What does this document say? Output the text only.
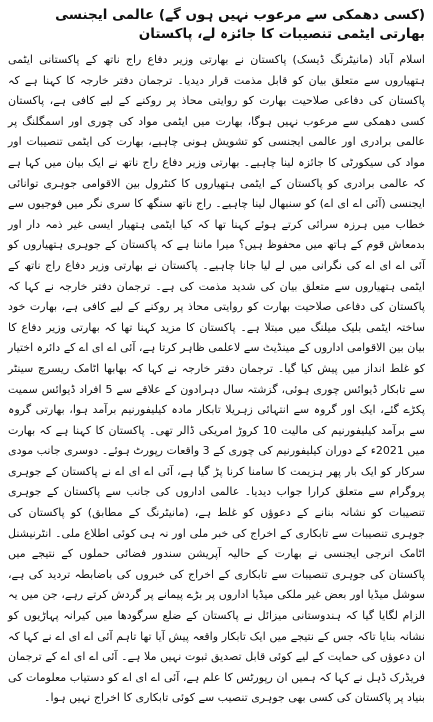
(کسی دھمکی سے مرعوب نہیں ہوں گے) عالمی ایجنسی بھارتی ایٹمی تنصیبات کا جائزہ لے، پاکستان

اسلام آباد (مانیٹرنگ ڈیسک) پاکستان نے بھارتی وزیر دفاع راج ناتھ کے پاکستانی ایٹمی ہتھیاروں سے متعلق بیان کو قابل مذمت قرار دیدیا۔ ترجمان دفتر خارجہ کا کہنا ہے کہ پاکستان کی دفاعی صلاحیت بھارت کو روایتی محاذ پر روکنے کے لیے کافی ہے، پاکستان کسی دھمکی سے مرعوب نہیں ہوگا، بھارت میں ایٹمی مواد کی چوری اور اسمگلنگ پر عالمی برادری اور عالمی ایجنسی کو تشویش ہونی چاہیے، بھارت کی ایٹمی تنصیبات اور مواد کی سیکورٹی کا جائزہ لینا چاہیے۔ بھارتی وزیر دفاع راج ناتھ نے ایک بیان میں کہا ہے کہ عالمی برادری کو پاکستان کے ایٹمی ہتھیاروں کا کنٹرول بین الاقوامی جوہری توانائی ایجنسی (آئی اے ای اے) کو سنبھال لینا چاہیے۔ راج ناتھ سنگھ کا سری نگر میں فوجیوں سے خطاب میں ہرزہ سرائی کرتے ہوئے کہنا تھا کہ کیا ایٹمی ہتھیار ایسی غیر ذمہ دار اور بدمعاش قوم کے ہاتھ میں محفوظ ہیں؟ میرا ماننا ہے کہ پاکستان کے جوہری ہتھیاروں کو آئی اے ای اے کی نگرانی میں لے لیا جانا چاہیے۔ پاکستان نے بھارتی وزیر دفاع راج ناتھ کے ایٹمی ہتھیاروں سے متعلق بیان کی شدید مذمت کی ہے۔ ترجمان دفتر خارجہ نے کہا کہ پاکستان کی دفاعی صلاحیت بھارت کو روایتی محاذ پر روکنے کے لیے کافی ہے، بھارت خود ساختہ ایٹمی بلیک میلنگ میں مبتلا ہے۔ پاکستان کا مزید کہنا تھا کہ بھارتی وزیر دفاع کا بیان بین الاقوامی اداروں کے مینڈیٹ سے لاعلمی ظاہر کرتا ہے، آئی اے ای اے کے دائرہ اختیار کو غلط انداز میں پیش کیا گیا۔ ترجمان دفتر خارجہ نے کہا کہ بھابھا اٹامک ریسرچ سینٹر سے تابکار ڈیوائس چوری ہوئی، گزشتہ سال دہرادون کے علاقے سے 5 افراد ڈیوائس سمیت پکڑے گئے، ایک اور گروہ سے انتہائی زہریلا تابکار مادہ کیلیفورنیم برآمد ہوا، بھارتی گروہ سے برآمد کیلیفورنیم کی مالیت 10 کروڑ امریکی ڈالر تھی۔ پاکستان کا کہنا ہے کہ بھارت میں 2021ء کے دوران کیلیفورنیم کی چوری کے 3 واقعات رپورٹ ہوئے۔ دوسری جانب مودی سرکار کو ایک بار پھر ہزیمت کا سامنا کرنا پڑ گیا ہے، آئی اے ای اے نے پاکستان کے جوہری پروگرام سے متعلق کرارا جواب دیدیا۔ عالمی اداروں کی جانب سے پاکستان کے جوہری تنصیبات کو نشانہ بنانے کے دعوؤں کو غلط ہے، (مانیٹرنگ کے مطابق) کو پاکستان کی جوہری تنصیبات سے تابکاری کے اخراج کی خبر ملی اور نہ ہی کوئی اطلاع ملی۔ انٹرنیشنل اٹامک انرجی ایجنسی نے بھارت کے حالیہ آپریشن سندور فضائی حملوں کے نتیجے میں پاکستان کی جوہری تنصیبات سے تابکاری کے اخراج کی خبروں کی باضابطہ تردید کی ہے، سوشل میڈیا اور بعض غیر ملکی میڈیا اداروں پر بڑے پیمانے پر گردش کرتے رہے، جن میں یہ الزام لگایا گیا کہ ہندوستانی میزائل نے پاکستان کے ضلع سرگودھا میں کیرانہ پہاڑیوں کو نشانہ بنایا تاکہ جس کے نتیجے میں ایک تابکار واقعہ پیش آیا تھا تاہم آئی اے ای اے نے کہا کہ ان دعوؤں کی حمایت کے لیے کوئی قابل تصدیق ثبوت نہیں ملا ہے۔ آئی اے ای اے کے ترجمان فریڈرک ڈہل نے کہا کہ ہمیں ان رپورٹس کا علم ہے، آئی اے ای اے کو دستیاب معلومات کی بنیاد پر پاکستان کی کسی بھی جوہری تنصیب سے کوئی تابکاری کا اخراج نہیں ہوا۔
